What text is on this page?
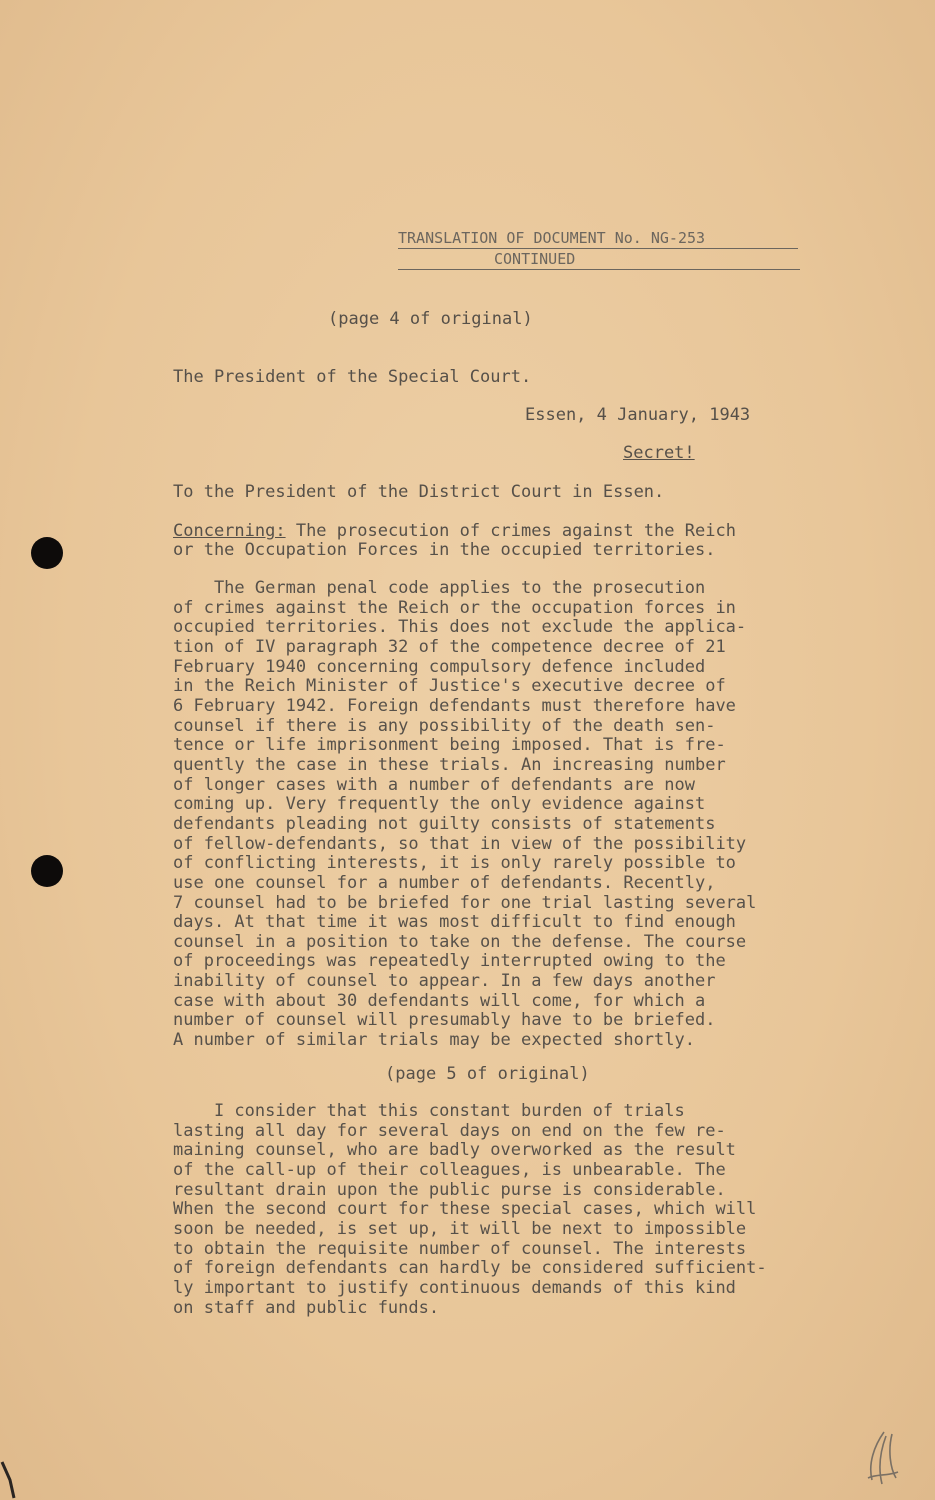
TRANSLATION OF DOCUMENT No. NG-253
CONTINUED
(page 4 of original)
The President of the Special Court.
Essen, 4 January, 1943
Secret!
To the President of the District Court in Essen.
Concerning: The prosecution of crimes against the Reich
or the Occupation Forces in the occupied territories.
The German penal code applies to the prosecution
of crimes against the Reich or the occupation forces in
occupied territories. This does not exclude the applica-
tion of IV paragraph 32 of the competence decree of 21
February 1940 concerning compulsory defence included
in the Reich Minister of Justice's executive decree of
6 February 1942. Foreign defendants must therefore have
counsel if there is any possibility of the death sen-
tence or life imprisonment being imposed. That is fre-
quently the case in these trials. An increasing number
of longer cases with a number of defendants are now
coming up. Very frequently the only evidence against
defendants pleading not guilty consists of statements
of fellow-defendants, so that in view of the possibility
of conflicting interests, it is only rarely possible to
use one counsel for a number of defendants. Recently,
7 counsel had to be briefed for one trial lasting several
days. At that time it was most difficult to find enough
counsel in a position to take on the defense. The course
of proceedings was repeatedly interrupted owing to the
inability of counsel to appear. In a few days another
case with about 30 defendants will come, for which a
number of counsel will presumably have to be briefed.
A number of similar trials may be expected shortly.
(page 5 of original)
I consider that this constant burden of trials
lasting all day for several days on end on the few re-
maining counsel, who are badly overworked as the result
of the call-up of their colleagues, is unbearable. The
resultant drain upon the public purse is considerable.
When the second court for these special cases, which will
soon be needed, is set up, it will be next to impossible
to obtain the requisite number of counsel. The interests
of foreign defendants can hardly be considered sufficient-
ly important to justify continuous demands of this kind
on staff and public funds.
